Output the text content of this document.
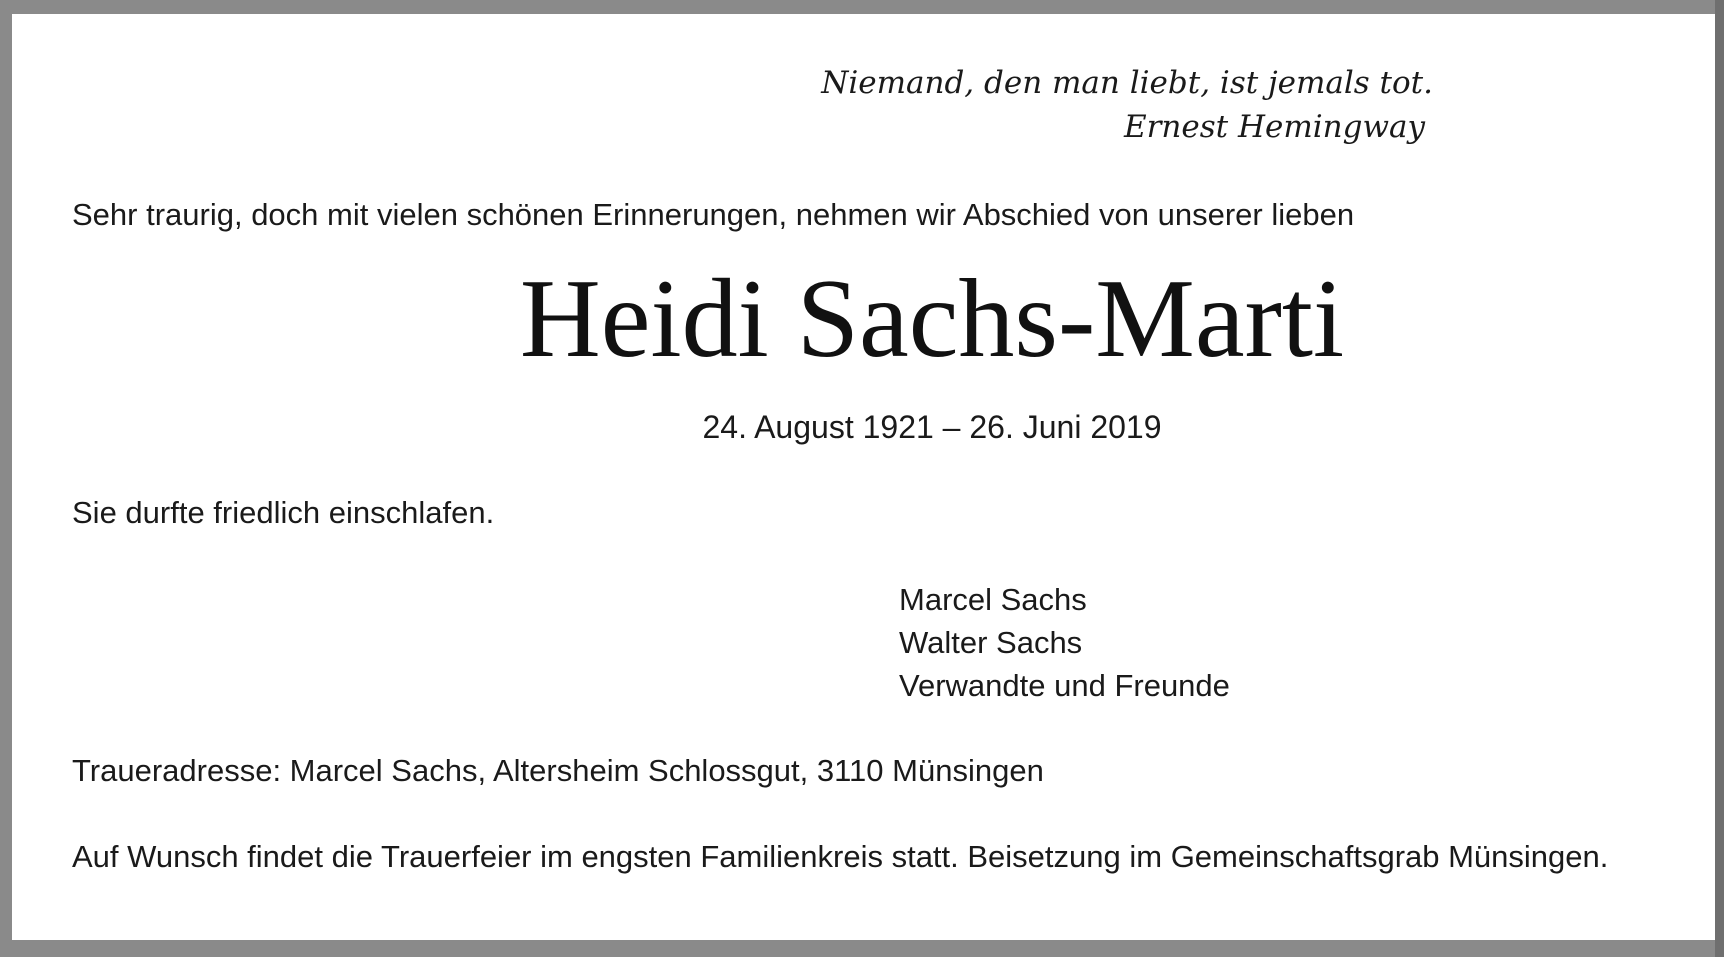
Niemand, den man liebt, ist jemals tot.
Ernest Hemingway
Sehr traurig, doch mit vielen schönen Erinnerungen, nehmen wir Abschied von unserer lieben
Heidi Sachs-Marti
24. August 1921 – 26. Juni 2019
Sie durfte friedlich einschlafen.
Marcel Sachs
Walter Sachs
Verwandte und Freunde
Traueradresse: Marcel Sachs, Altersheim Schlossgut, 3110 Münsingen
Auf Wunsch findet die Trauerfeier im engsten Familienkreis statt. Beisetzung im Gemeinschaftsgrab Münsingen.
